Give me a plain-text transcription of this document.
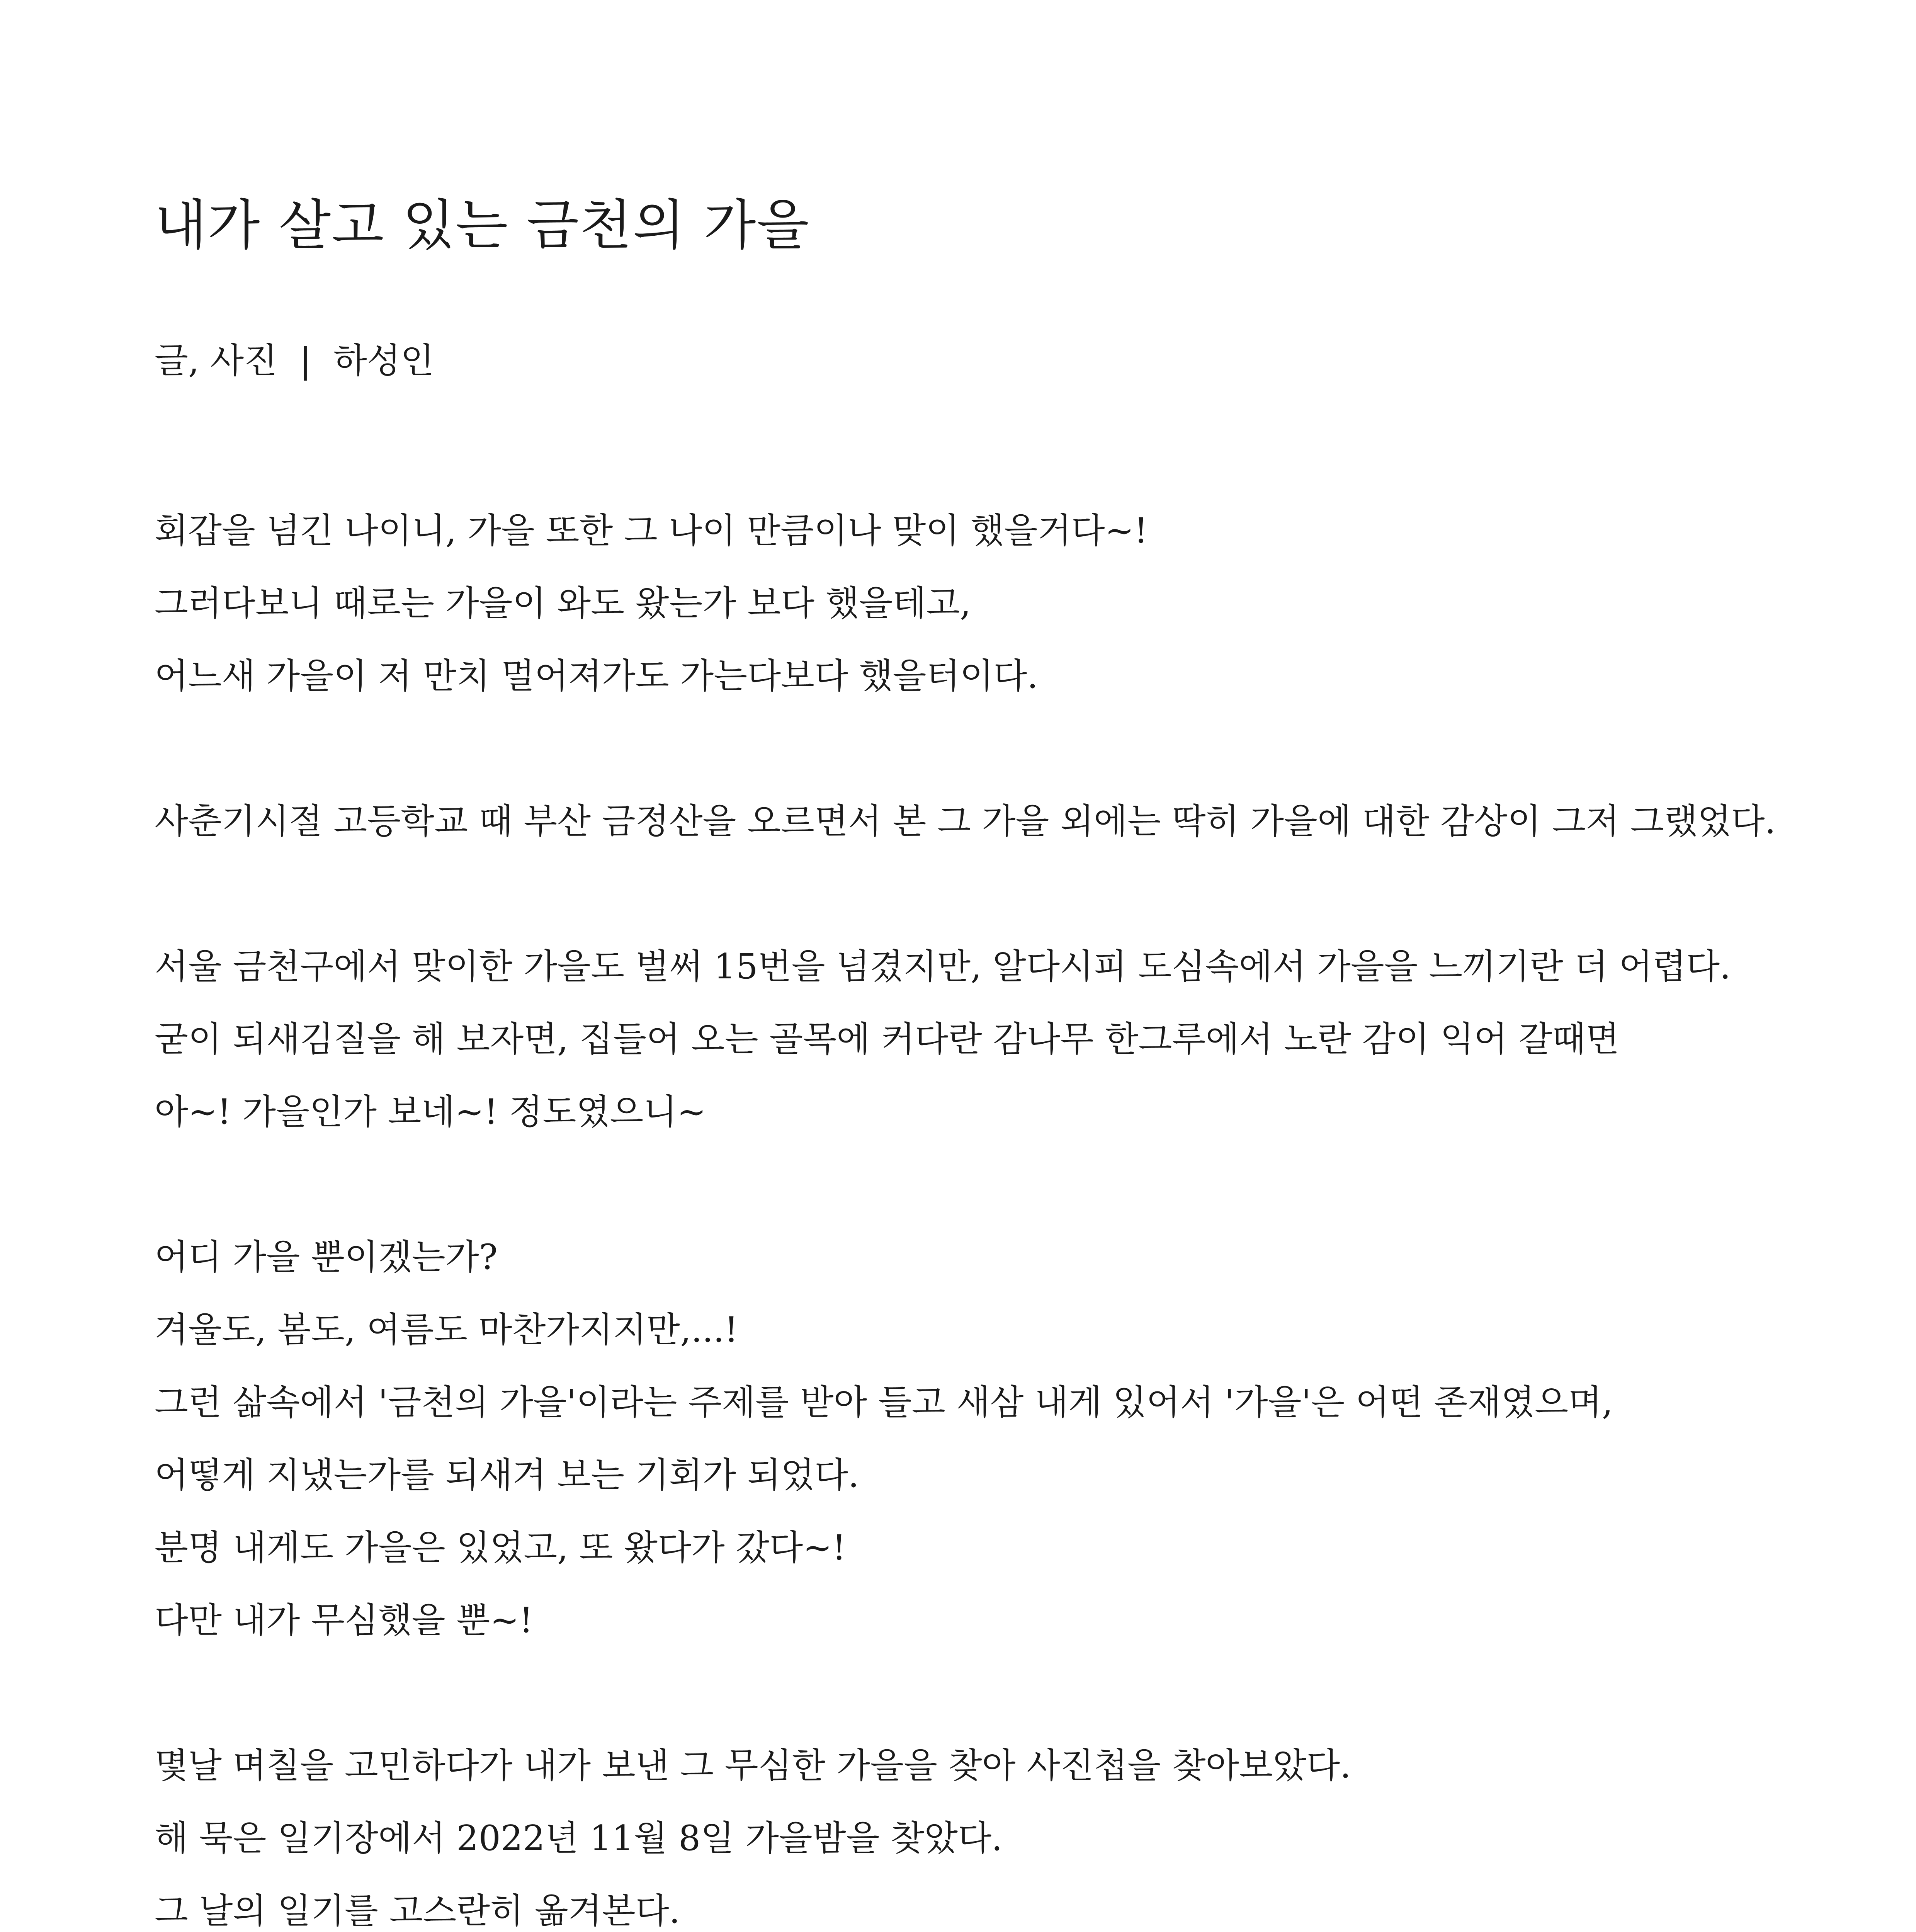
내가 살고 있는 금천의 가을

글, 사진  |  하성인

회갑을 넘긴 나이니, 가을 또한 그 나이 만큼이나 맞이 했을거다~!
그러다보니 때로는 가을이 와도 왔는가 보다 했을테고,
어느새 가을이 저 만치 멀어져가도 가는다보다 했을터이다.
사춘기시절 고등학교 때 부산 금정산을 오르면서 본 그 가을 외에는 딱히 가을에 대한 감상이 그저 그랬었다.
서울 금천구에서 맞이한 가을도 벌써 15번을 넘겼지만, 알다시피 도심속에서 가을을 느끼기란 더 어렵다.
굳이 되새김질을 해 보자면, 집들어 오는 골목에 커다란 감나무 한그루에서 노란 감이 익어 갈때면
아~! 가을인가 보네~! 정도였으니~
어디 가을 뿐이겠는가?
겨울도, 봄도, 여름도 마찬가지지만,...!
그런 삶속에서 '금천의 가을'이라는 주제를 받아 들고 새삼 내게 있어서 '가을'은 어떤 존재였으며,
어떻게 지냈는가를 되새겨 보는 기회가 되었다.
분명 내게도 가을은 있었고, 또 왔다가 갔다~!
다만 내가 무심했을 뿐~!
몇날 며칠을 고민하다가 내가 보낸 그 무심한 가을을 찾아 사진첩을 찾아보았다.
해 묵은 일기장에서 2022년 11월 8일 가을밤을 찾았다.
그 날의 일기를 고스란히 옮겨본다.
